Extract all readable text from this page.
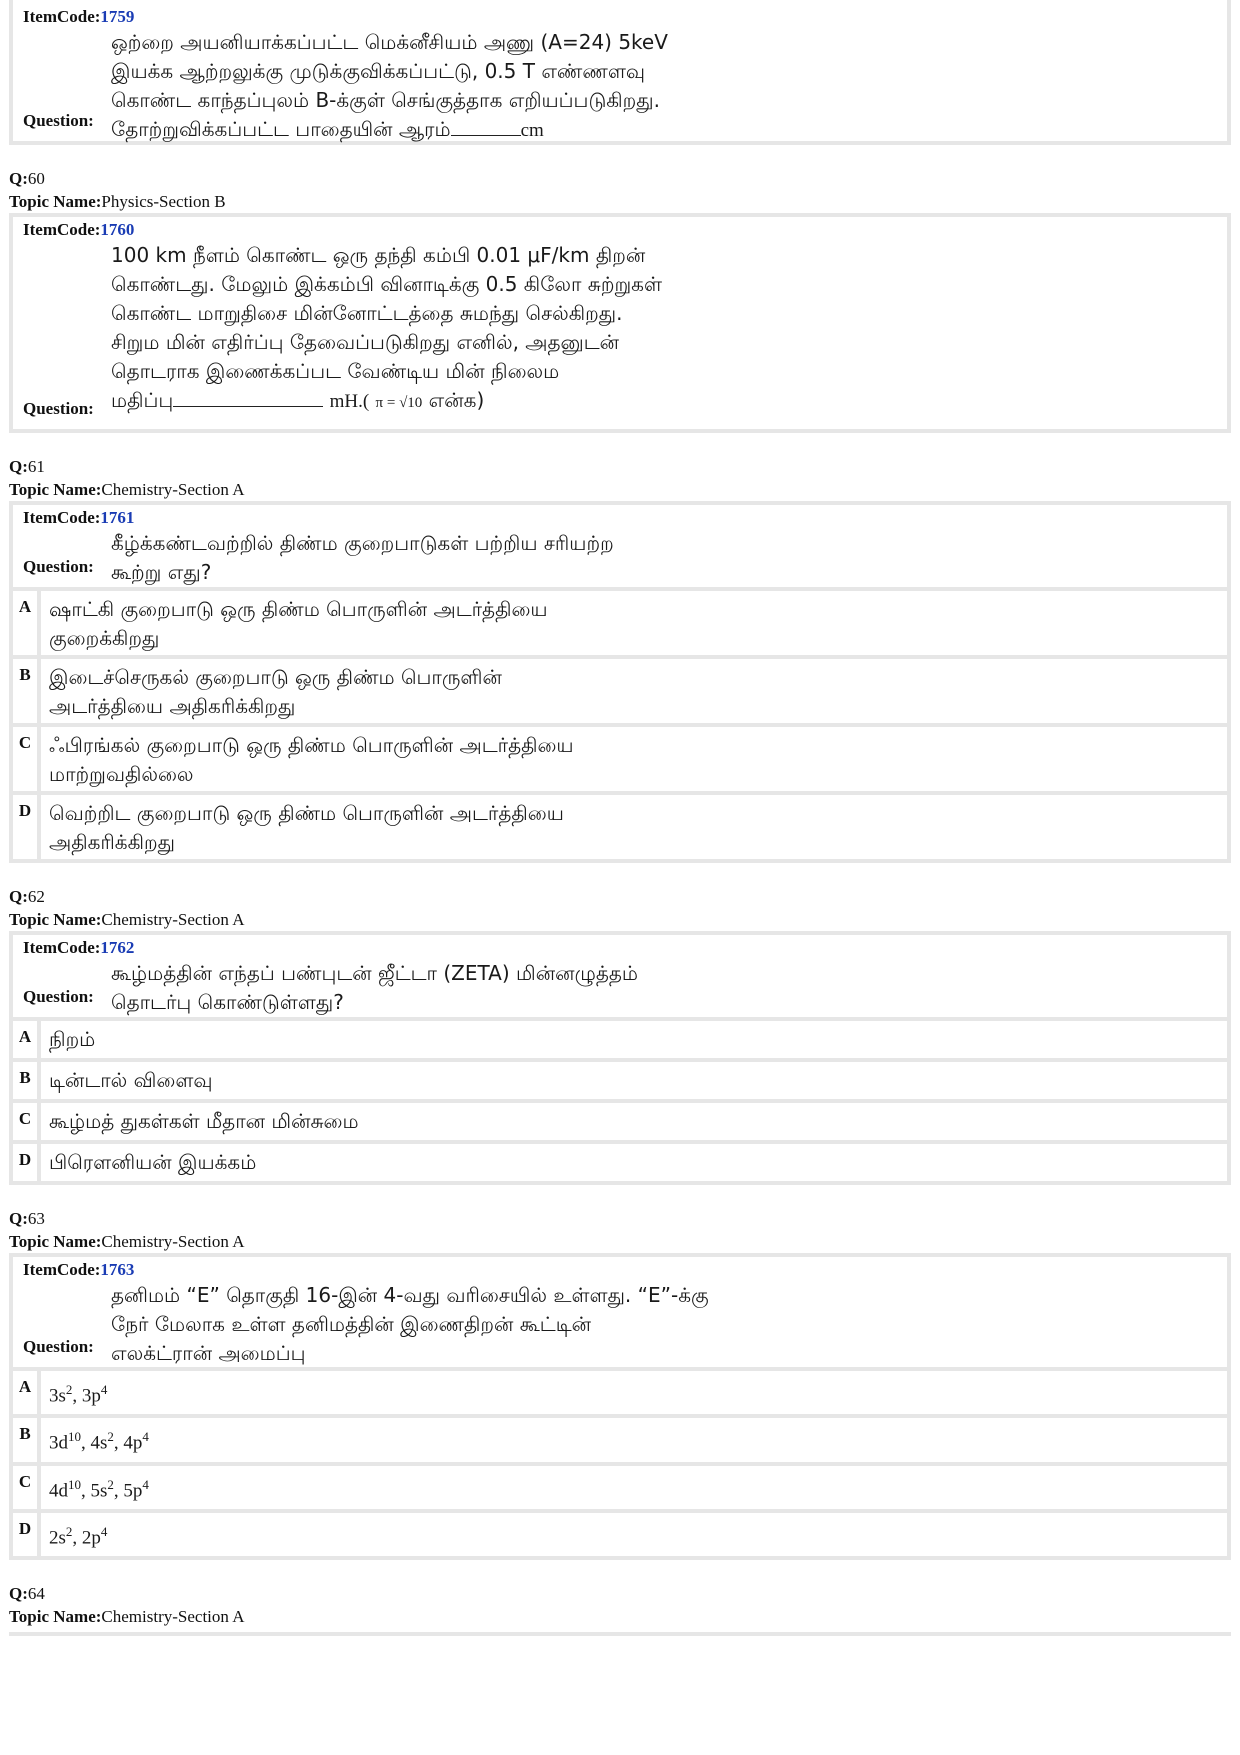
ItemCode:1759
ஒற்றை அயனியாக்கப்பட்ட மெக்னீசியம் அணு (A=24) 5keV
இயக்க ஆற்றலுக்கு முடுக்குவிக்கப்பட்டு, 0.5 T எண்ணளவு
கொண்ட காந்தப்புலம் B-க்குள் செங்குத்தாக எறியப்படுகிறது.
தோற்றுவிக்கப்பட்ட பாதையின் ஆரம்	cm
Question:
Q:60
Topic Name:Physics-Section B
ItemCode:1760
100 km நீளம் கொண்ட ஒரு தந்தி கம்பி 0.01 μF/km திறன்
கொண்டது. மேலும் இக்கம்பி வினாடிக்கு 0.5 கிலோ சுற்றுகள்
கொண்ட மாறுதிசை மின்னோட்டத்தை சுமந்து செல்கிறது.
சிறும மின் எதிர்ப்பு தேவைப்படுகிறது எனில், அதனுடன்
தொடராக இணைக்கப்பட வேண்டிய மின் நிலைம
மதிப்பு	mH.( π = √10 என்க)
Question:
Q:61
Topic Name:Chemistry-Section A
ItemCode:1761
கீழ்க்கண்டவற்றில் திண்ம குறைபாடுகள் பற்றிய சரியற்ற
கூற்று எது?
Question:
A ஷாட்கி குறைபாடு ஒரு திண்ம பொருளின் அடர்த்தியை
குறைக்கிறது
B இடைச்செருகல் குறைபாடு ஒரு திண்ம பொருளின்
அடர்த்தியை அதிகரிக்கிறது
C ஃபிரங்கல் குறைபாடு ஒரு திண்ம பொருளின் அடர்த்தியை
மாற்றுவதில்லை
D வெற்றிட குறைபாடு ஒரு திண்ம பொருளின் அடர்த்தியை
அதிகரிக்கிறது
Q:62
Topic Name:Chemistry-Section A
ItemCode:1762
கூழ்மத்தின் எந்தப் பண்புடன் ஜீட்டா (ZETA) மின்னழுத்தம்
தொடர்பு கொண்டுள்ளது?
Question:
A நிறம்
B டின்டால் விளைவு
C கூழ்மத் துகள்கள் மீதான மின்சுமை
D பிரௌனியன் இயக்கம்
Q:63
Topic Name:Chemistry-Section A
ItemCode:1763
தனிமம் “E” தொகுதி 16-இன் 4-வது வரிசையில் உள்ளது. “E”-க்கு
நேர் மேலாக உள்ள தனிமத்தின் இணைதிறன் கூட்டின்
எலக்ட்ரான் அமைப்பு
Question:
A $3s^2$, $3p^4$
B $3d^{10}$, $4s^2$, $4p^4$
C $4d^{10}$, $5s^2$, $5p^4$
D $2s^2$, $2p^4$
Q:64
Topic Name:Chemistry-Section A
